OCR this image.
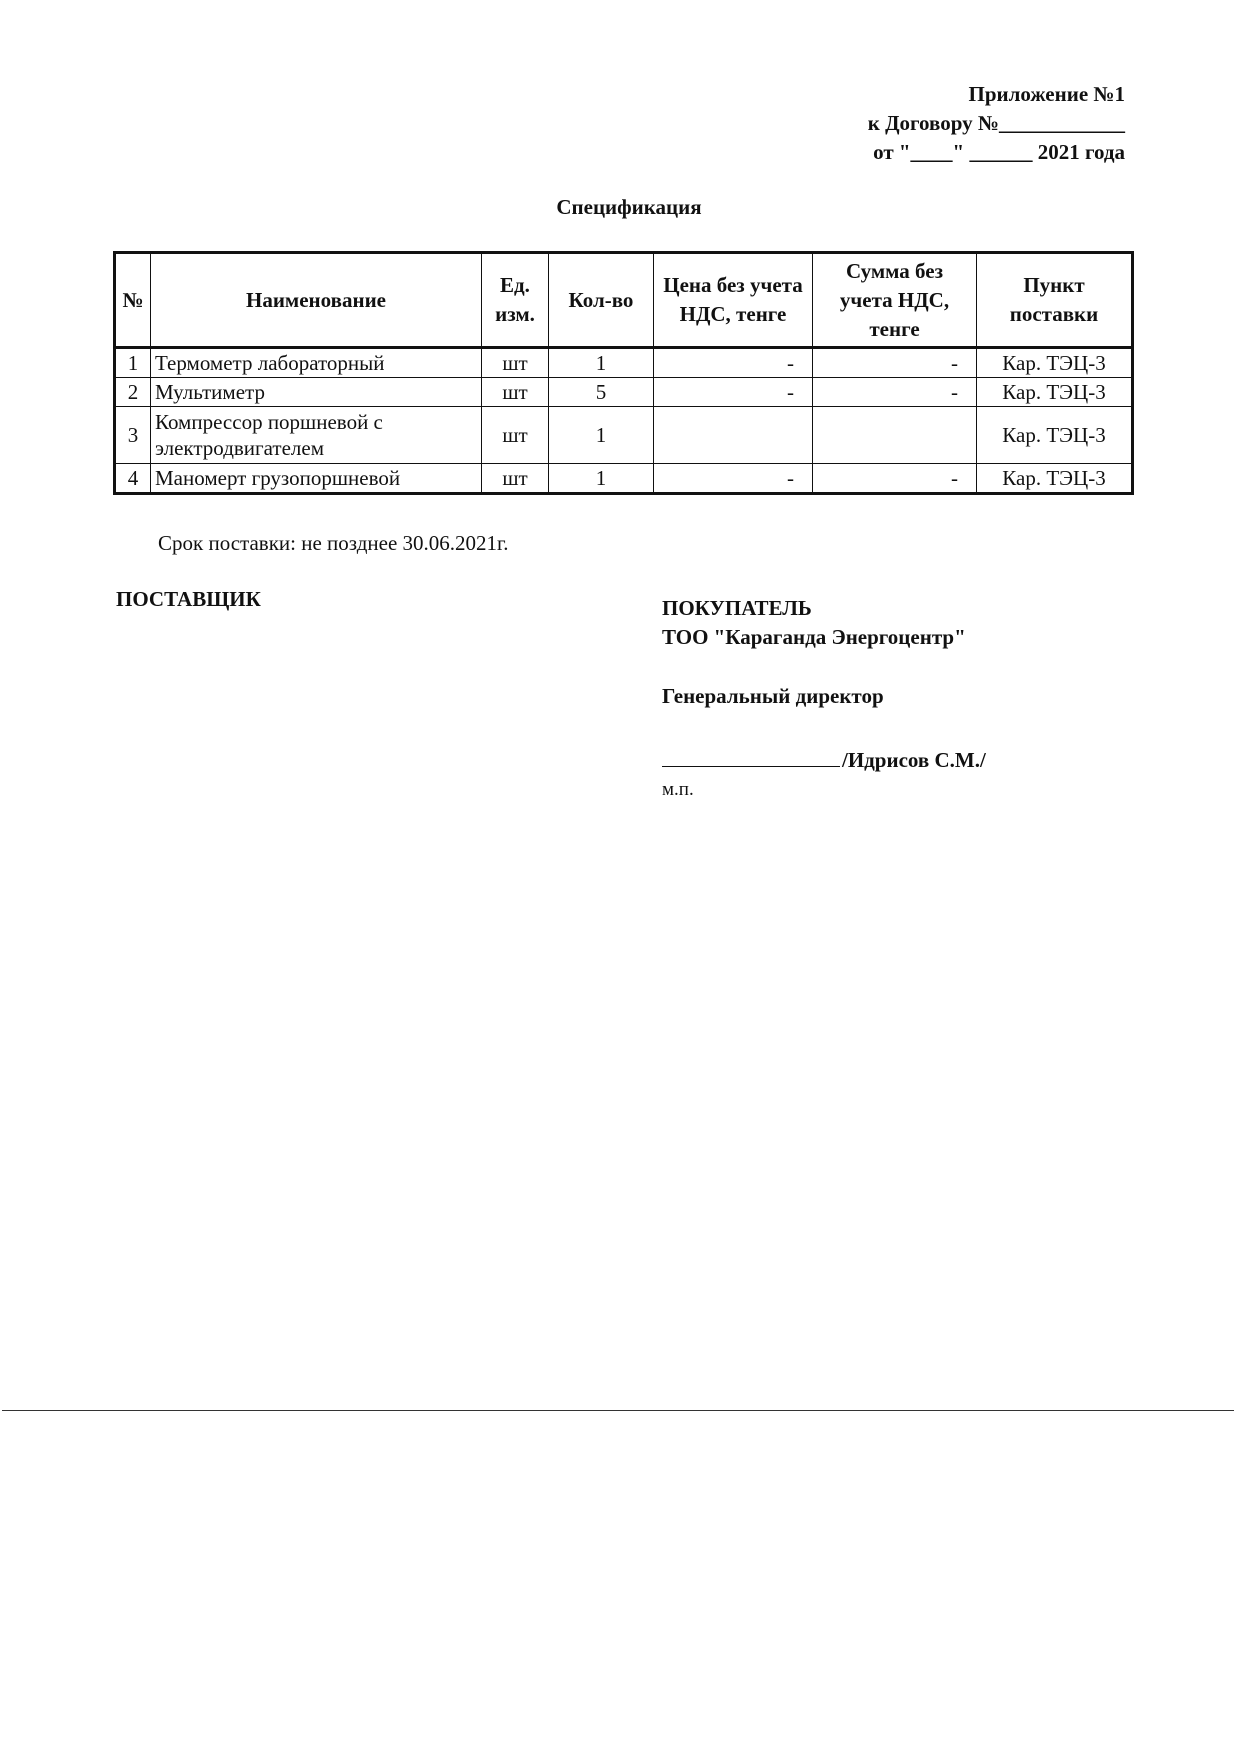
Приложение №1
к Договору №____________
от "____" ______ 2021 года
Спецификация
№	Наименование	Ед. изм.	Кол-во	Цена без учета НДС, тенге	Сумма без учета НДС, тенге	Пункт поставки
1	Термометр лабораторный	шт	1	-	-	Кар. ТЭЦ-3
2	Мультиметр	шт	5	-	-	Кар. ТЭЦ-3
3	Компрессор поршневой с электродвигателем	шт	1			Кар. ТЭЦ-3
4	Маномерт грузопоршневой	шт	1	-	-	Кар. ТЭЦ-3
Срок поставки: не позднее 30.06.2021г.
ПОСТАВЩИК	ПОКУПАТЕЛЬ
ТОО "Караганда Энергоцентр"
Генеральный директор
/Идрисов С.М./
м.п.
